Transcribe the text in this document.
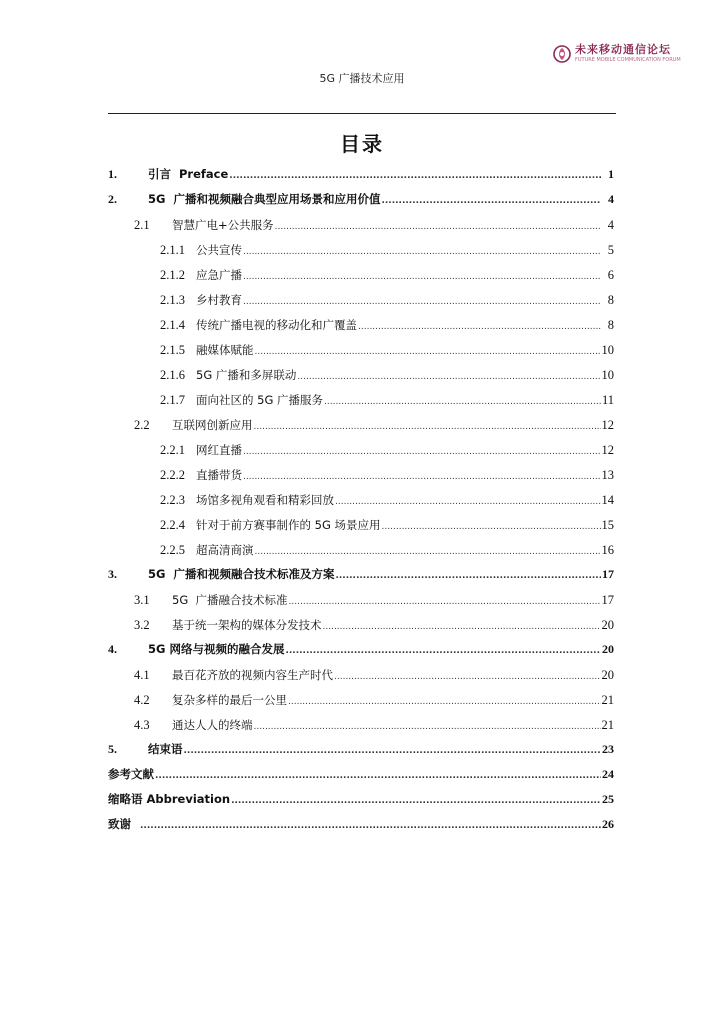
未来移动通信论坛
FUTURE MOBILE COMMUNICATION FORUM
5G 广播技术应用
目录
1.	引言  Preface .....	1
2.	5G  广播和视频融合典型应用场景和应用价值 .....	4
2.1	智慧广电+公共服务 .....	4
2.1.1 公共宣传 .....	5
2.1.2 应急广播 .....	6
2.1.3 乡村教育 .....	8
2.1.4 传统广播电视的移动化和广覆盖 .....	8
2.1.5 融媒体赋能 .....	10
2.1.6 5G 广播和多屏联动 .....	10
2.1.7 面向社区的 5G 广播服务 .....	11
2.2	互联网创新应用 .....	12
2.2.1 网红直播 .....	12
2.2.2 直播带货 .....	13
2.2.3 场馆多视角观看和精彩回放 .....	14
2.2.4 针对于前方赛事制作的 5G 场景应用 .....	15
2.2.5 超高清商演 .....	16
3.	5G  广播和视频融合技术标准及方案 .....	17
3.1	5G  广播融合技术标准 .....	17
3.2	基于统一架构的媒体分发技术 .....	20
4.	5G 网络与视频的融合发展 .....	20
4.1	最百花齐放的视频内容生产时代 .....	20
4.2	复杂多样的最后一公里 .....	21
4.3	通达人人的终端 .....	21
5.	结束语 .....	23
参考文献 .....	24
缩略语 Abbreviation .....	25
致谢 .....	26
